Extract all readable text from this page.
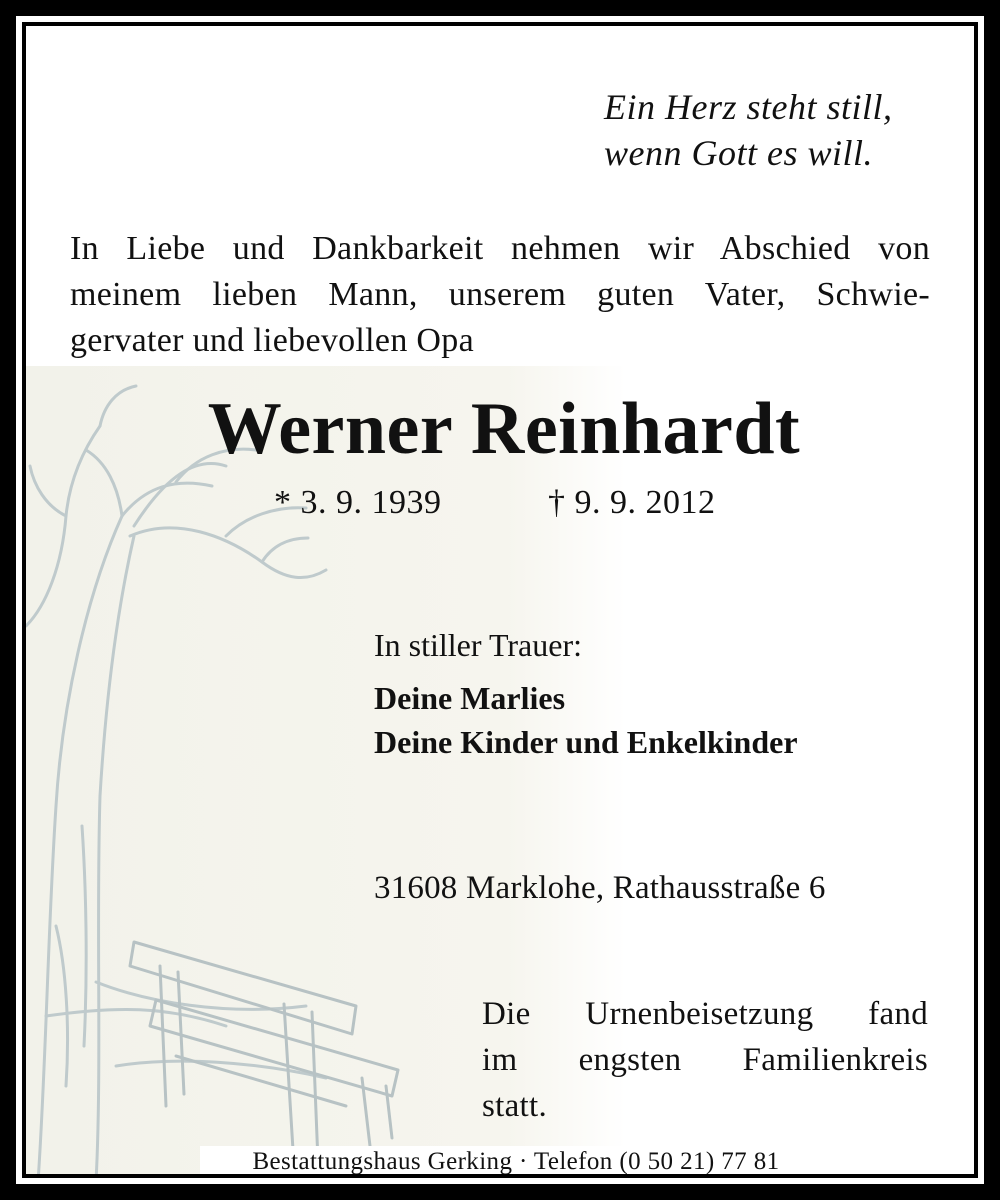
Ein Herz steht still,
wenn Gott es will.

In Liebe und Dankbarkeit nehmen wir Abschied von
meinem lieben Mann, unserem guten Vater, Schwie-
gervater und liebevollen Opa
Werner Reinhardt
* 3. 9. 1939	† 9. 9. 2012
In stiller Trauer:
Deine Marlies
Deine Kinder und Enkelkinder
31608 Marklohe, Rathausstraße 6
Die Urnenbeisetzung fand
im engsten Familienkreis
statt.
Bestattungshaus Gerking · Telefon (0 50 21) 77 81
